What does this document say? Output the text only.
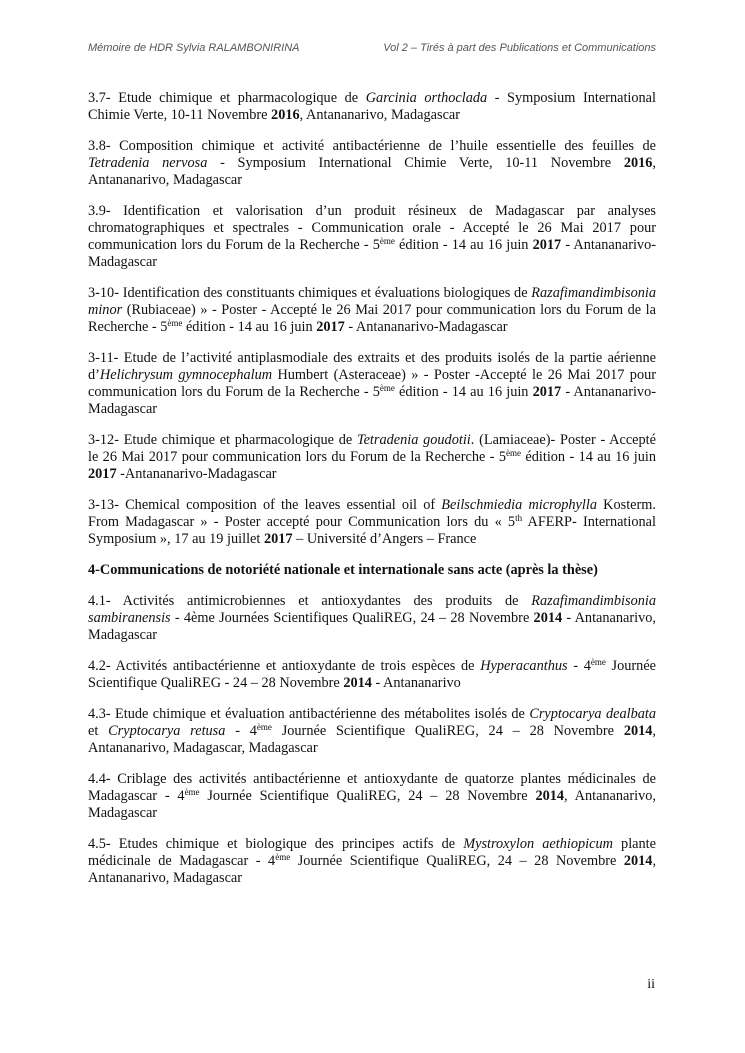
Mémoire de HDR Sylvia RALAMBONIRINA	Vol 2 – Tirés à part des Publications et Communications

3.7- Etude chimique et pharmacologique de Garcinia orthoclada - Symposium International Chimie Verte, 10-11 Novembre 2016, Antananarivo, Madagascar

3.8- Composition chimique et activité antibactérienne de l’huile essentielle des feuilles de Tetradenia nervosa - Symposium International Chimie Verte, 10-11 Novembre 2016, Antananarivo, Madagascar

3.9- Identification et valorisation d’un produit résineux de Madagascar par analyses chromatographiques et spectrales - Communication orale - Accepté le 26 Mai 2017 pour communication lors du Forum de la Recherche - 5ème édition - 14 au 16 juin 2017 - Antananarivo-Madagascar

3-10- Identification des constituants chimiques et évaluations biologiques de Razafimandimbisonia minor (Rubiaceae) » - Poster - Accepté le 26 Mai 2017 pour communication lors du Forum de la Recherche - 5ème édition - 14 au 16 juin 2017 - Antananarivo-Madagascar

3-11- Etude de l’activité antiplasmodiale des extraits et des produits isolés de la partie aérienne d’Helichrysum gymnocephalum Humbert (Asteraceae) » - Poster -Accepté le 26 Mai 2017 pour communication lors du Forum de la Recherche - 5ème édition - 14 au 16 juin 2017 - Antananarivo-Madagascar

3-12- Etude chimique et pharmacologique de Tetradenia goudotii. (Lamiaceae)- Poster - Accepté le 26 Mai 2017 pour communication lors du Forum de la Recherche - 5ème édition - 14 au 16 juin 2017 -Antananarivo-Madagascar

3-13- Chemical composition of the leaves essential oil of Beilschmiedia microphylla Kosterm. From Madagascar » - Poster accepté pour Communication lors du « 5th AFERP- International Symposium », 17 au 19 juillet 2017 – Université d’Angers – France

4-Communications de notoriété nationale et internationale sans acte (après la thèse)

4.1- Activités antimicrobiennes et antioxydantes des produits de Razafimandimbisonia sambiranensis - 4ème Journées Scientifiques QualiREG, 24 – 28 Novembre 2014 - Antananarivo, Madagascar

4.2- Activités antibactérienne et antioxydante de trois espèces de Hyperacanthus - 4ème Journée Scientifique QualiREG - 24 – 28 Novembre 2014 - Antananarivo

4.3- Etude chimique et évaluation antibactérienne des métabolites isolés de Cryptocarya dealbata et Cryptocarya retusa - 4ème Journée Scientifique QualiREG, 24 – 28 Novembre 2014, Antananarivo, Madagascar, Madagascar

4.4- Criblage des activités antibactérienne et antioxydante de quatorze plantes médicinales de Madagascar - 4ème Journée Scientifique QualiREG, 24 – 28 Novembre 2014, Antananarivo, Madagascar

4.5- Etudes chimique et biologique des principes actifs de Mystroxylon aethiopicum plante médicinale de Madagascar - 4ème Journée Scientifique QualiREG, 24 – 28 Novembre 2014, Antananarivo, Madagascar

ii
